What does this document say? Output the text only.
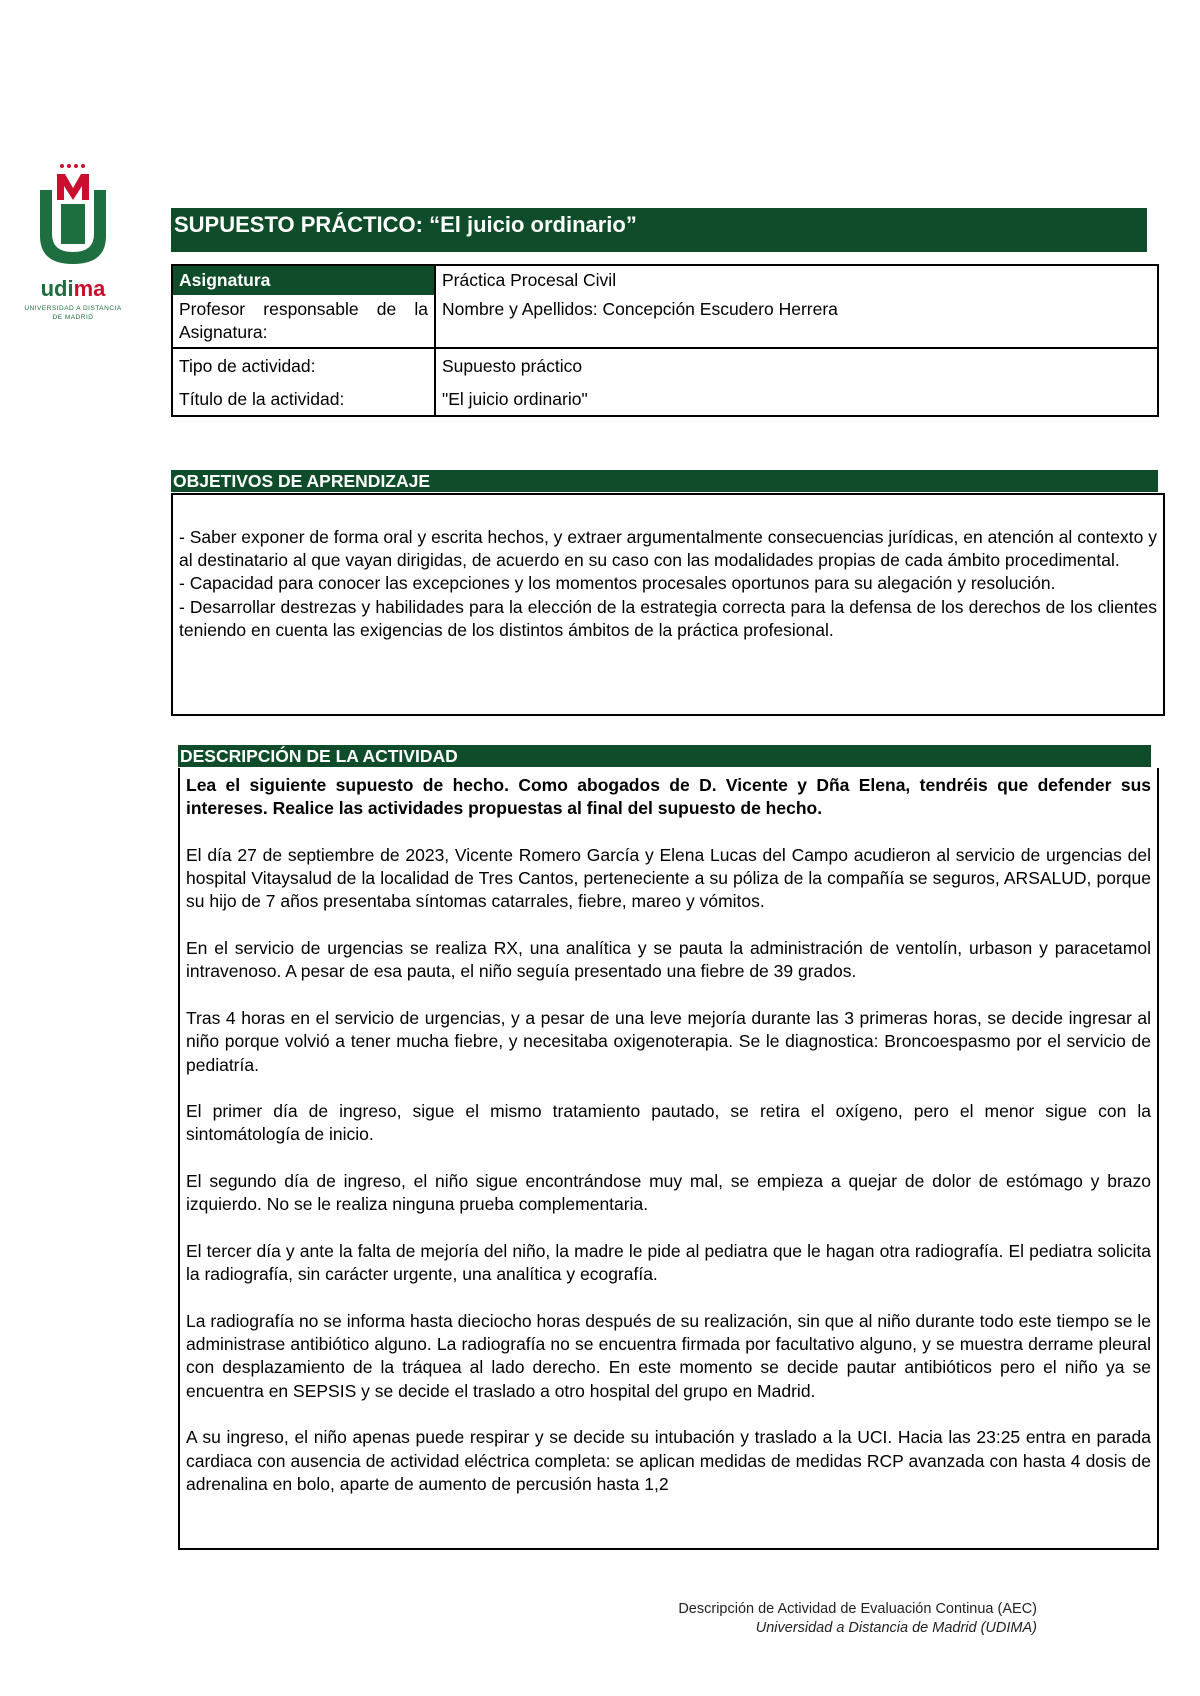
udima
UNIVERSIDAD A DISTANCIA
DE MADRID
SUPUESTO PRÁCTICO: “El juicio ordinario”
Asignatura	Práctica Procesal Civil

Profesor responsable de la
Asignatura:	Nombre y Apellidos: Concepción Escudero Herrera
Tipo de actividad:	Supuesto práctico
Título de la actividad:	"El juicio ordinario"
OBJETIVOS DE APRENDIZAJE

- Saber exponer de forma oral y escrita hechos, y extraer argumentalmente consecuencias jurídicas, en atención al contexto y al destinatario al que vayan dirigidas, de acuerdo en su caso con las modalidades propias de cada ámbito procedimental.

- Capacidad para conocer las excepciones y los momentos procesales oportunos para su alegación y resolución.

- Desarrollar destrezas y habilidades para la elección de la estrategia correcta para la defensa de los derechos de los clientes teniendo en cuenta las exigencias de los distintos ámbitos de la práctica profesional.

DESCRIPCIÓN DE LA ACTIVIDAD

Lea el siguiente supuesto de hecho. Como abogados de D. Vicente y Dña Elena, tendréis que defender sus intereses. Realice las actividades propuestas al final del supuesto de hecho.

El día 27 de septiembre de 2023, Vicente Romero García y Elena Lucas del Campo acudieron al servicio de urgencias del hospital Vitaysalud de la localidad de Tres Cantos, perteneciente a su póliza de la compañía se seguros, ARSALUD, porque su hijo de 7 años presentaba síntomas catarrales, fiebre, mareo y vómitos.

En el servicio de urgencias se realiza RX, una analítica y se pauta la administración de ventolín, urbason y paracetamol intravenoso. A pesar de esa pauta, el niño seguía presentado una fiebre de 39 grados.

Tras 4 horas en el servicio de urgencias, y a pesar de una leve mejoría durante las 3 primeras horas, se decide ingresar al niño porque volvió a tener mucha fiebre, y necesitaba oxigenoterapia. Se le diagnostica: Broncoespasmo por el servicio de pediatría.

El primer día de ingreso, sigue el mismo tratamiento pautado, se retira el oxígeno, pero el menor sigue con la sintomátología de inicio.

El segundo día de ingreso, el niño sigue encontrándose muy mal, se empieza a quejar de dolor de estómago y brazo izquierdo. No se le realiza ninguna prueba complementaria.

El tercer día y ante la falta de mejoría del niño, la madre le pide al pediatra que le hagan otra radiografía. El pediatra solicita la radiografía, sin carácter urgente, una analítica y ecografía.

La radiografía no se informa hasta dieciocho horas después de su realización, sin que al niño durante todo este tiempo se le administrase antibiótico alguno. La radiografía no se encuentra firmada por facultativo alguno, y se muestra derrame pleural con desplazamiento de la tráquea al lado derecho. En este momento se decide pautar antibióticos pero el niño ya se encuentra en SEPSIS y se decide el traslado a otro hospital del grupo en Madrid.

A su ingreso, el niño apenas puede respirar y se decide su intubación y traslado a la UCI. Hacia las 23:25 entra en parada cardiaca con ausencia de actividad eléctrica completa: se aplican medidas de medidas RCP avanzada con hasta 4 dosis de adrenalina en bolo, aparte de aumento de percusión hasta 1,2

Descripción de Actividad de Evaluación Continua (AEC)
Universidad a Distancia de Madrid (UDIMA)
